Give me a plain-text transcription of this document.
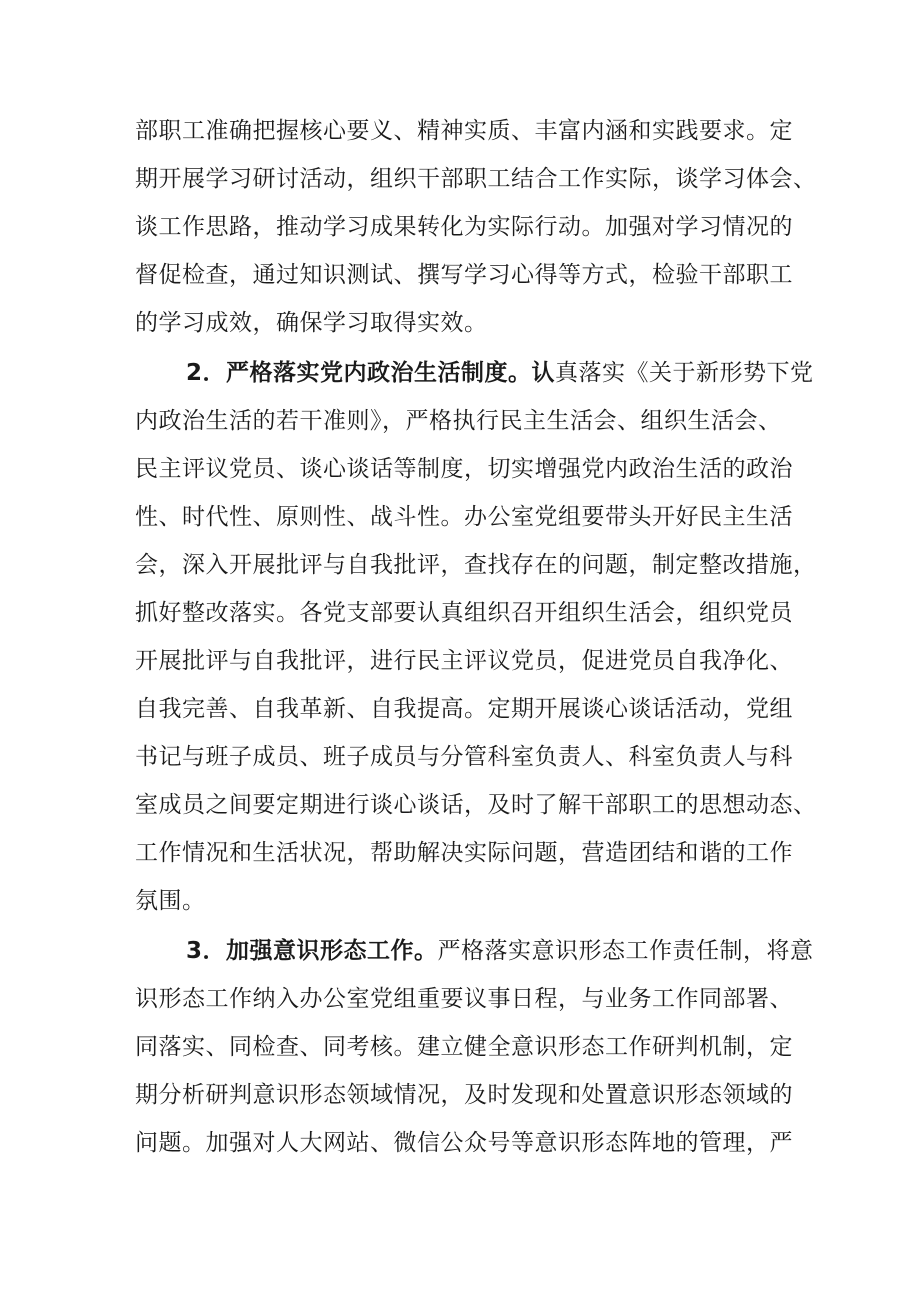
部职工准确把握核心要义、精神实质、丰富内涵和实践要求。定
期开展学习研讨活动，组织干部职工结合工作实际，谈学习体会、
谈工作思路，推动学习成果转化为实际行动。加强对学习情况的
督促检查，通过知识测试、撰写学习心得等方式，检验干部职工
的学习成效，确保学习取得实效。
2．严格落实党内政治生活制度。认真落实《关于新形势下党
内政治生活的若干准则》，严格执行民主生活会、组织生活会、
民主评议党员、谈心谈话等制度，切实增强党内政治生活的政治
性、时代性、原则性、战斗性。办公室党组要带头开好民主生活
会，深入开展批评与自我批评，查找存在的问题，制定整改措施，
抓好整改落实。各党支部要认真组织召开组织生活会，组织党员
开展批评与自我批评，进行民主评议党员，促进党员自我净化、
自我完善、自我革新、自我提高。定期开展谈心谈话活动，党组
书记与班子成员、班子成员与分管科室负责人、科室负责人与科
室成员之间要定期进行谈心谈话，及时了解干部职工的思想动态、
工作情况和生活状况，帮助解决实际问题，营造团结和谐的工作
氛围。
3．加强意识形态工作。严格落实意识形态工作责任制，将意
识形态工作纳入办公室党组重要议事日程，与业务工作同部署、
同落实、同检查、同考核。建立健全意识形态工作研判机制，定
期分析研判意识形态领域情况，及时发现和处置意识形态领域的
问题。加强对人大网站、微信公众号等意识形态阵地的管理，严
